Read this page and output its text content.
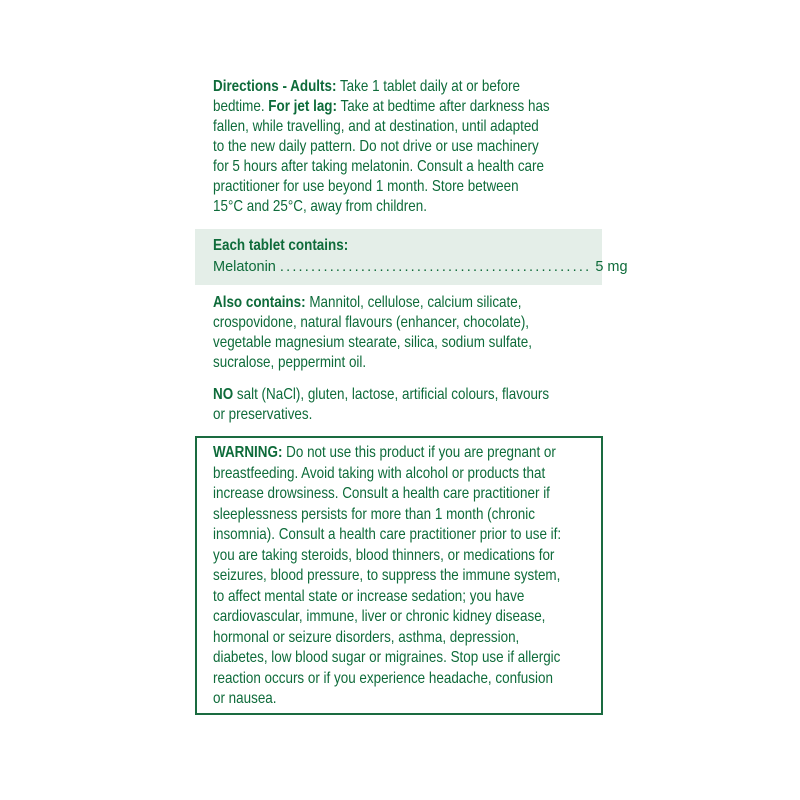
Directions - Adults: Take 1 tablet daily at or before
bedtime. For jet lag: Take at bedtime after darkness has
fallen, while travelling, and at destination, until adapted
to the new daily pattern. Do not drive or use machinery
for 5 hours after taking melatonin. Consult a health care
practitioner for use beyond 1 month. Store between
15°C and 25°C, away from children.
Each tablet contains:
Melatonin .................................................. 5 mg
Also contains: Mannitol, cellulose, calcium silicate,
crospovidone, natural flavours (enhancer, chocolate),
vegetable magnesium stearate, silica, sodium sulfate,
sucralose, peppermint oil.
NO salt (NaCl), gluten, lactose, artificial colours, flavours
or preservatives.
WARNING: Do not use this product if you are pregnant or
breastfeeding. Avoid taking with alcohol or products that
increase drowsiness. Consult a health care practitioner if
sleeplessness persists for more than 1 month (chronic
insomnia). Consult a health care practitioner prior to use if:
you are taking steroids, blood thinners, or medications for
seizures, blood pressure, to suppress the immune system,
to affect mental state or increase sedation; you have
cardiovascular, immune, liver or chronic kidney disease,
hormonal or seizure disorders, asthma, depression,
diabetes, low blood sugar or migraines. Stop use if allergic
reaction occurs or if you experience headache, confusion
or nausea.
